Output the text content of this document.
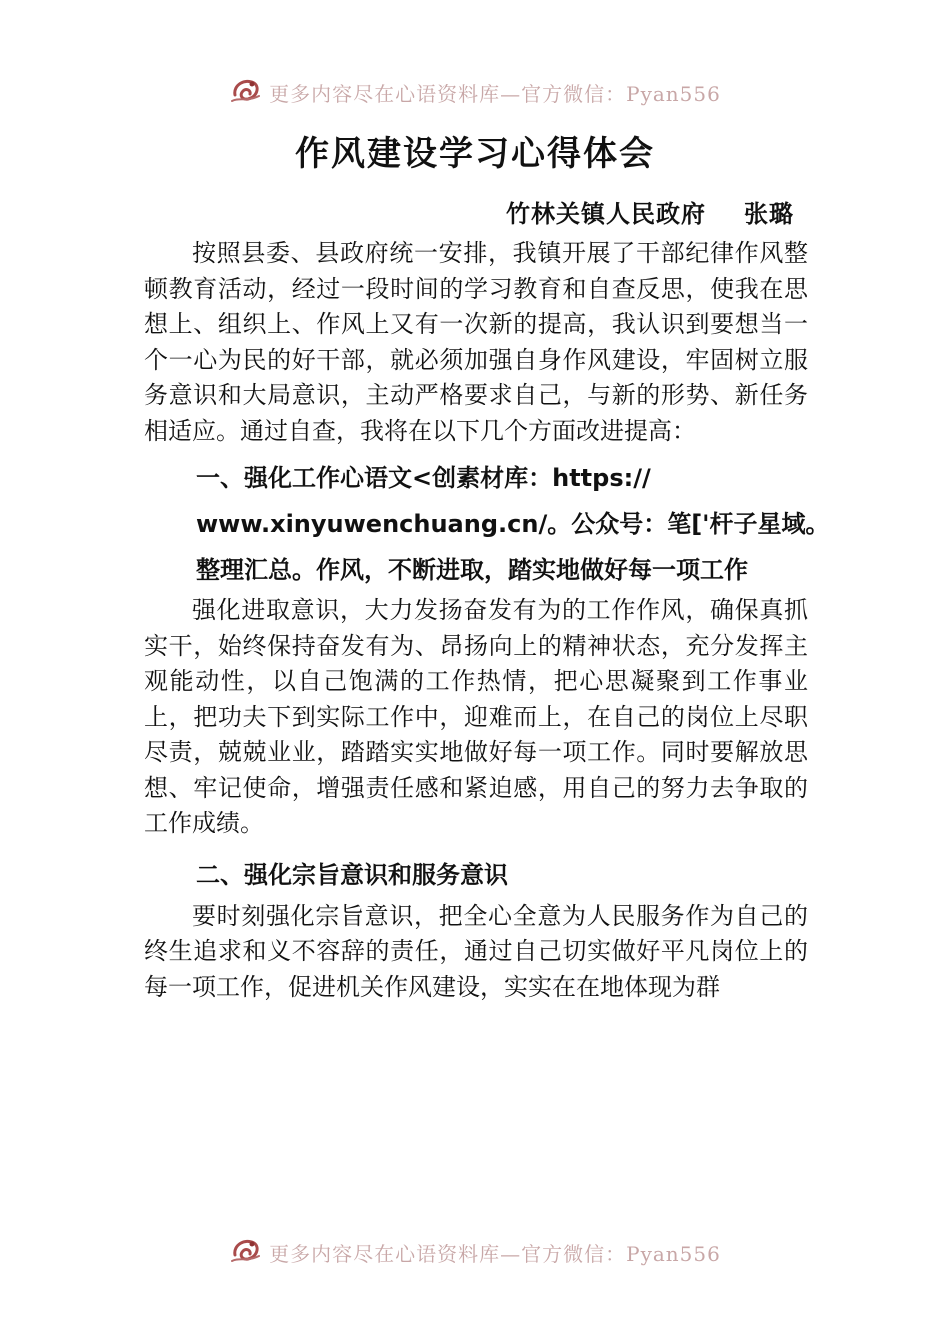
更多内容尽在心语资料库—官方微信：Pyan556
作风建设学习心得体会
竹林关镇人民政府 张璐

按照县委、县政府统一安排，我镇开展了干部纪律作风整顿教育活动，经过一段时间的学习教育和自查反思，使我在思想上、组织上、作风上又有一次新的提高，我认识到要想当一个一心为民的好干部，就必须加强自身作风建设，牢固树立服务意识和大局意识，主动严格要求自己，与新的形势、新任务相适应。通过自查，我将在以下几个方面改进提高：

一、强化工作心语文<创素材库：https://
www.xinyuwenchuang.cn/。公众号：笔['杆子星域。
整理汇总。作风，不断进取，踏实地做好每一项工作

强化进取意识，大力发扬奋发有为的工作作风，确保真抓实干，始终保持奋发有为、昂扬向上的精神状态，充分发挥主观能动性，以自己饱满的工作热情，把心思凝聚到工作事业上，把功夫下到实际工作中，迎难而上，在自己的岗位上尽职尽责，兢兢业业，踏踏实实地做好每一项工作。同时要解放思想、牢记使命，增强责任感和紧迫感，用自己的努力去争取的工作成绩。

二、强化宗旨意识和服务意识

要时刻强化宗旨意识，把全心全意为人民服务作为自己的终生追求和义不容辞的责任，通过自己切实做好平凡岗位上的每一项工作，促进机关作风建设，实实在在地体现为群

更多内容尽在心语资料库—官方微信：Pyan556
